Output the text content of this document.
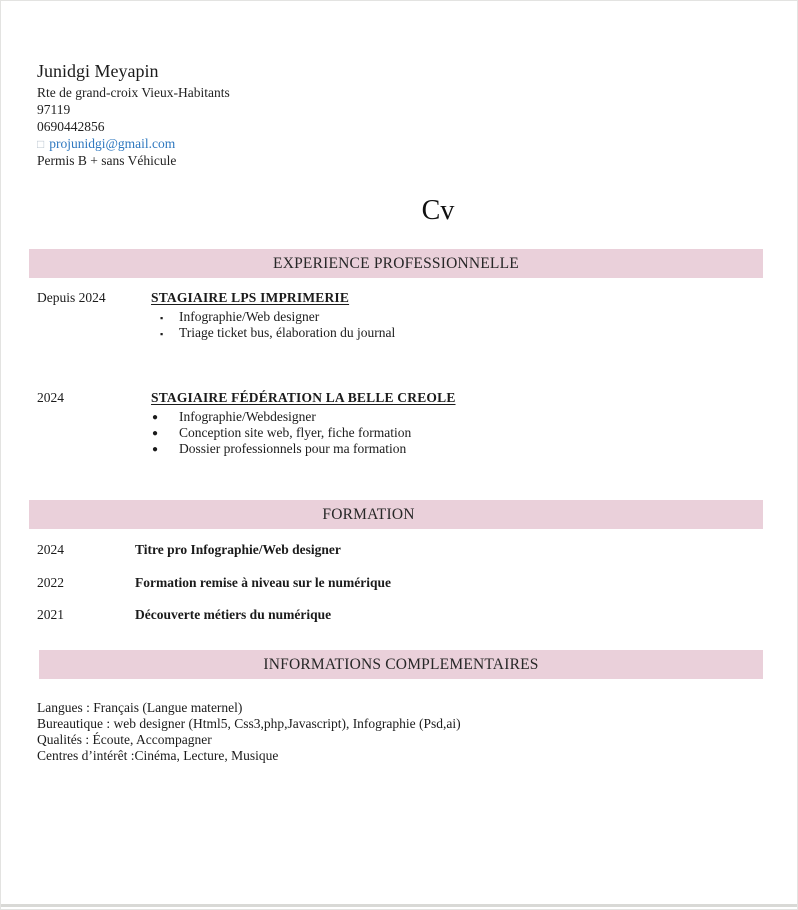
Junidgi Meyapin
Rte de grand-croix Vieux-Habitants
97119
0690442856
□ projunidgi@gmail.com
Permis B + sans Véhicule
Cv
EXPERIENCE PROFESSIONNELLE
Depuis 2024	STAGIAIRE LPS IMPRIMERIE
▪ Infographie/Web designer
▪ Triage ticket bus, élaboration du journal
2024	STAGIAIRE FÉDÉRATION LA BELLE CREOLE
● Infographie/Webdesigner
● Conception site web, flyer, fiche formation
● Dossier professionnels pour ma formation
FORMATION
2024	Titre pro Infographie/Web designer
2022	Formation remise à niveau sur le numérique
2021	Découverte métiers du numérique
INFORMATIONS COMPLEMENTAIRES
Langues : Français (Langue maternel)
Bureautique : web designer (Html5, Css3,php,Javascript), Infographie (Psd,ai)
Qualités : Écoute, Accompagner
Centres d’intérêt :Cinéma, Lecture, Musique
